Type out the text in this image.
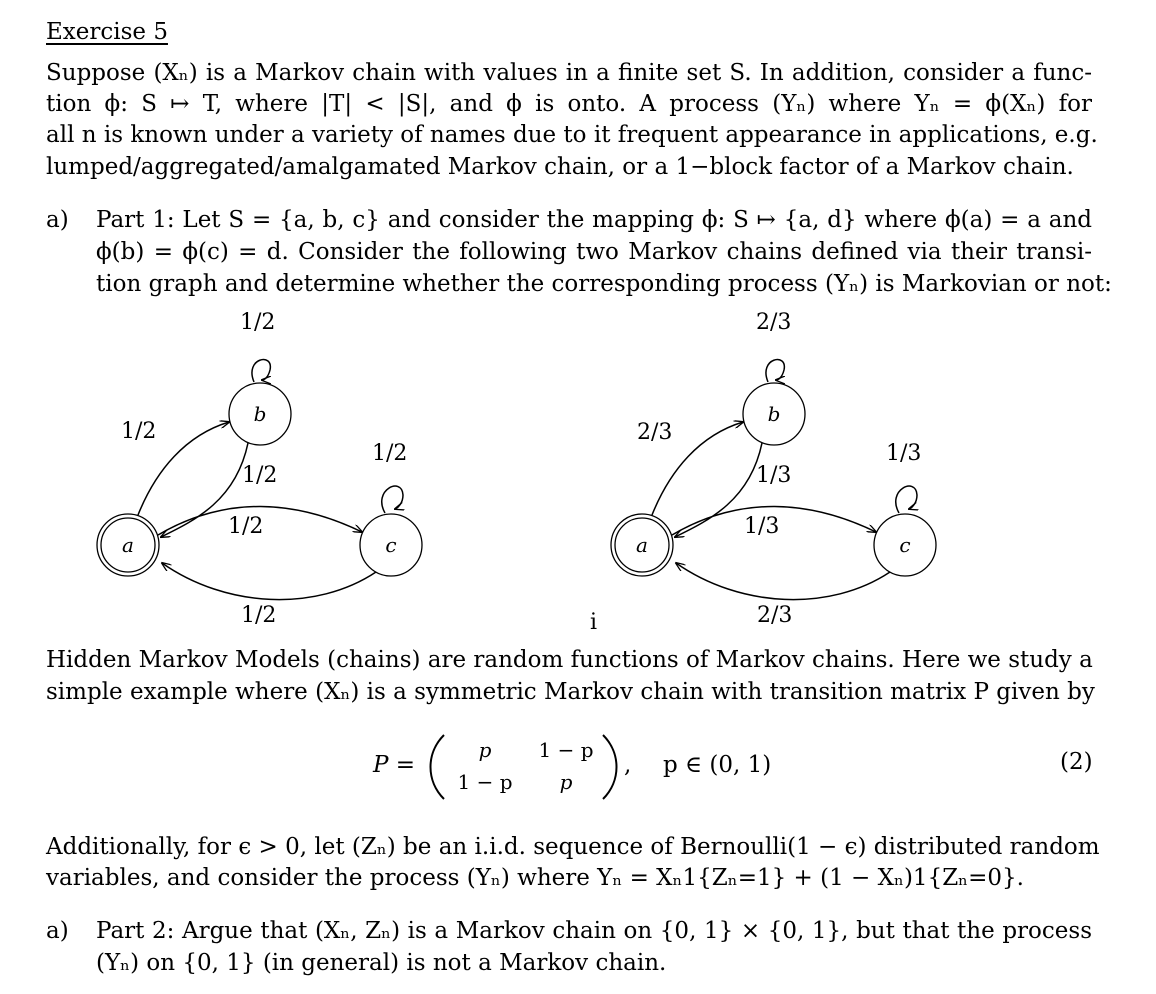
Exercise 5
Suppose (Xₙ) is a Markov chain with values in a finite set S. In addition, consider a func-
tion ϕ: S ↦ T, where |T| < |S|, and ϕ is onto. A process (Yₙ) where Yₙ = ϕ(Xₙ) for
all n is known under a variety of names due to it frequent appearance in applications, e.g.
lumped/aggregated/amalgamated Markov chain, or a 1−block factor of a Markov chain.
a) Part 1: Let S = {a, b, c} and consider the mapping ϕ: S ↦ {a, d} where ϕ(a) = a and
ϕ(b) = ϕ(c) = d. Consider the following two Markov chains defined via their transi-
tion graph and determine whether the corresponding process (Yₙ) is Markovian or not:
1/2
b
a	c
1/2
1/2
1/2
1/2
1/2
2/3
b
a	c
2/3
1/3
1/3
1/3
2/3
i
Hidden Markov Models (chains) are random functions of Markov chains. Here we study a
simple example where (Xₙ) is a symmetric Markov chain with transition matrix P given by
P =
p 1 − p
1 − p p
, p ∈ (0, 1)	(2)
Additionally, for ϵ > 0, let (Zₙ) be an i.i.d. sequence of Bernoulli(1 − ϵ) distributed random
variables, and consider the process (Yₙ) where Yₙ = Xₙ1{Zₙ=1} + (1 − Xₙ)1{Zₙ=0}.
a) Part 2: Argue that (Xₙ, Zₙ) is a Markov chain on {0, 1} × {0, 1}, but that the process
(Yₙ) on {0, 1} (in general) is not a Markov chain.
